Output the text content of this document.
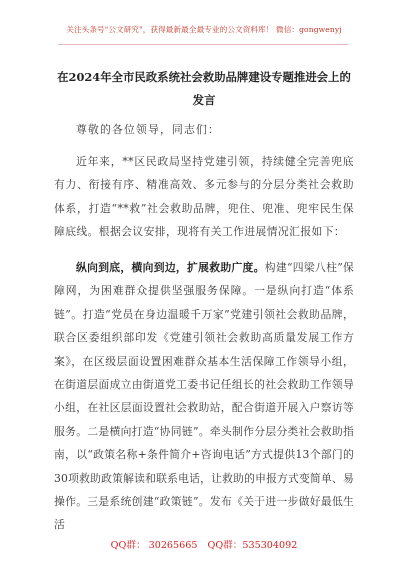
关注头条号"公文研究"，获得最新最全最专业的公文资料库！ 微信：gongwenyj
在2024年全市民政系统社会救助品牌建设专题推进会上的
发言
尊敬的各位领导，同志们：
近年来，**区民政局坚持党建引领，持续健全完善兜底有力、衔接有序、精准高效、多元参与的分层分类社会救助体系，打造“**救”社会救助品牌，兜住、兜准、兜牢民生保障底线。根据会议安排，现将有关工作进展情况汇报如下：
纵向到底，横向到边，扩展救助广度。构建“四梁八柱”保障网，为困难群众提供坚强服务保障。一是纵向打造“体系链”。打造“党员在身边温暖千万家”党建引领社会救助品牌，联合区委组织部印发《党建引领社会救助高质量发展工作方案》，在区级层面设置困难群众基本生活保障工作领导小组，在街道层面成立由街道党工委书记任组长的社会救助工作领导小组，在社区层面设置社会救助站，配合街道开展入户察访等服务。二是横向打造“协同链”。牵头制作分层分类社会救助指南，以“政策名称+条件简介+咨询电话”方式提供13个部门的30项救助政策解读和联系电话，让救助的申报方式变简单、易操作。三是系统创建“政策链”。发布《关于进一步做好最低生活
QQ群： 30265665 QQ群：535304092
